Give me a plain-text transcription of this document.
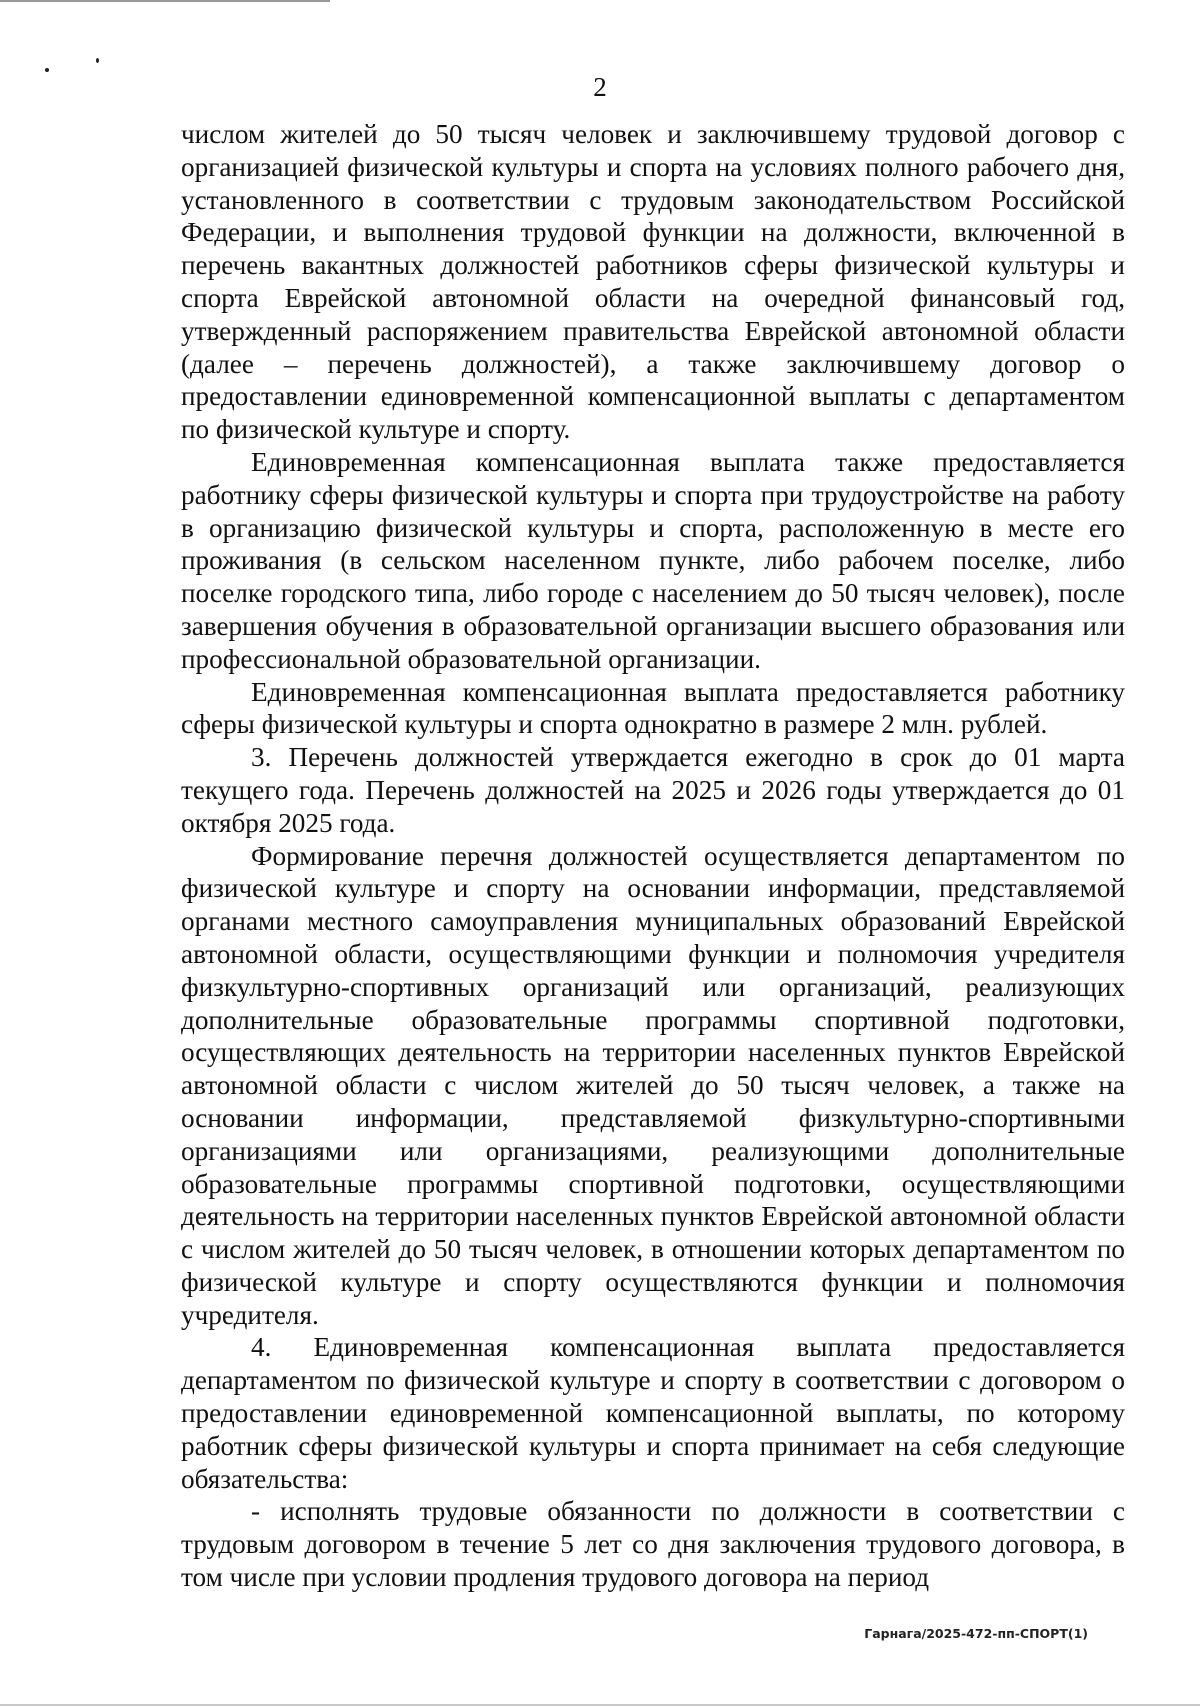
2

числом жителей до 50 тысяч человек и заключившему трудовой договор с организацией физической культуры и спорта на условиях полного рабочего дня, установленного в соответствии с трудовым законодательством Российской Федерации, и выполнения трудовой функции на должности, включенной в перечень вакантных должностей работников сферы физической культуры и спорта Еврейской автономной области на очередной финансовый год, утвержденный распоряжением правительства Еврейской автономной области (далее – перечень должностей), а также заключившему договор о предоставлении единовременной компенсационной выплаты с департаментом по физической культуре и спорту.

Единовременная компенсационная выплата также предоставляется работнику сферы физической культуры и спорта при трудоустройстве на работу в организацию физической культуры и спорта, расположенную в месте его проживания (в сельском населенном пункте, либо рабочем поселке, либо поселке городского типа, либо городе с населением до 50 тысяч человек), после завершения обучения в образовательной организации высшего образования или профессиональной образовательной организации.

Единовременная компенсационная выплата предоставляется работнику сферы физической культуры и спорта однократно в размере 2 млн. рублей.

3. Перечень должностей утверждается ежегодно в срок до 01 марта текущего года. Перечень должностей на 2025 и 2026 годы утверждается до 01 октября 2025 года.

Формирование перечня должностей осуществляется департаментом по физической культуре и спорту на основании информации, представляемой органами местного самоуправления муниципальных образований Еврейской автономной области, осуществляющими функции и полномочия учредителя физкультурно-спортивных организаций или организаций, реализующих дополнительные образовательные программы спортивной подготовки, осуществляющих деятельность на территории населенных пунктов Еврейской автономной области с числом жителей до 50 тысяч человек, а также на основании информации, представляемой физкультурно-спортивными организациями или организациями, реализующими дополнительные образовательные программы спортивной подготовки, осуществляющими деятельность на территории населенных пунктов Еврейской автономной области с числом жителей до 50 тысяч человек, в отношении которых департаментом по физической культуре и спорту осуществляются функции и полномочия учредителя.

4. Единовременная компенсационная выплата предоставляется департаментом по физической культуре и спорту в соответствии с договором о предоставлении единовременной компенсационной выплаты, по которому работник сферы физической культуры и спорта принимает на себя следующие обязательства:

- исполнять трудовые обязанности по должности в соответствии с трудовым договором в течение 5 лет со дня заключения трудового договора, в том числе при условии продления трудового договора на период

Гарнага/2025-472-пп-СПОРТ(1)
